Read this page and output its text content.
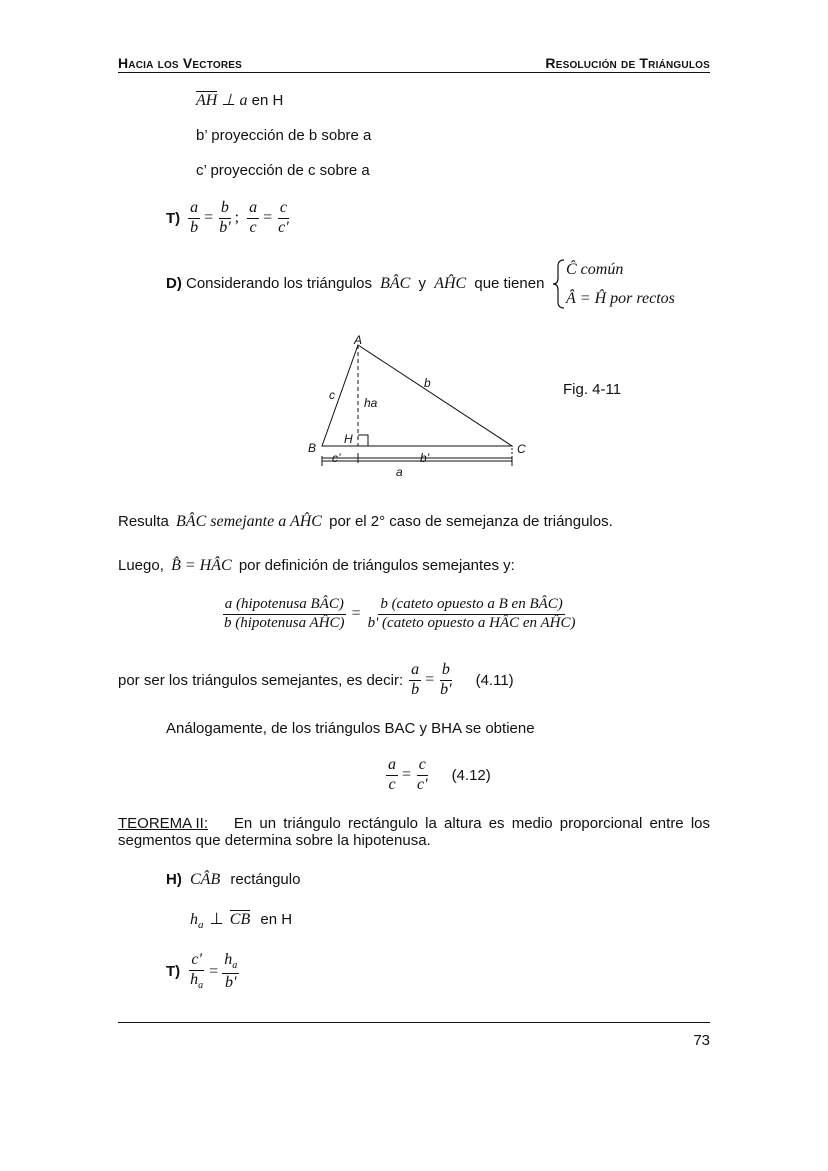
Hacia los Vectores	Resolución de Triángulos
AH ⊥ a en H
b’ proyección de b sobre a
c’ proyección de c sobre a
$T) \frac{a}{b} = \frac{b}{b'}$ ; $\frac{a}{c} = \frac{c}{c'}$
D) Considerando los triángulos BÂC y AĤC que tienen
Ĉ común
Â = Ĥ por rectos
A
B	C
H
c
b
ha
c’	b’
a
Fig. 4-11
Resulta BÂC semejante a AĤC por el 2° caso de semejanza de triángulos.
Luego, B̂ = HÂC por definición de triángulos semejantes y:
$\frac{\text{a (hipotenusa BÂC)}}{\text{b (hipotenusa AĤC)}} = \frac{\text{b (cateto opuesto a B en BÂC)}}{\text{b' (cateto opuesto a HÂC en AĤC)}}$
por ser los triángulos semejantes, es decir: $\frac{a}{b} = \frac{b}{b'} (4.11)$
Análogamente, de los triángulos BAC y BHA se obtiene
$\frac{a}{c} = \frac{c}{c'} (4.12)$
TEOREMA II: En un triángulo rectángulo la altura es medio proporcional entre los
segmentos que determina sobre la hipotenusa.
H) CÂB rectángulo
$h_a$ ⊥ CB en H
$T) \frac{c'}{h_a} = \frac{h_a}{b'}$
73
